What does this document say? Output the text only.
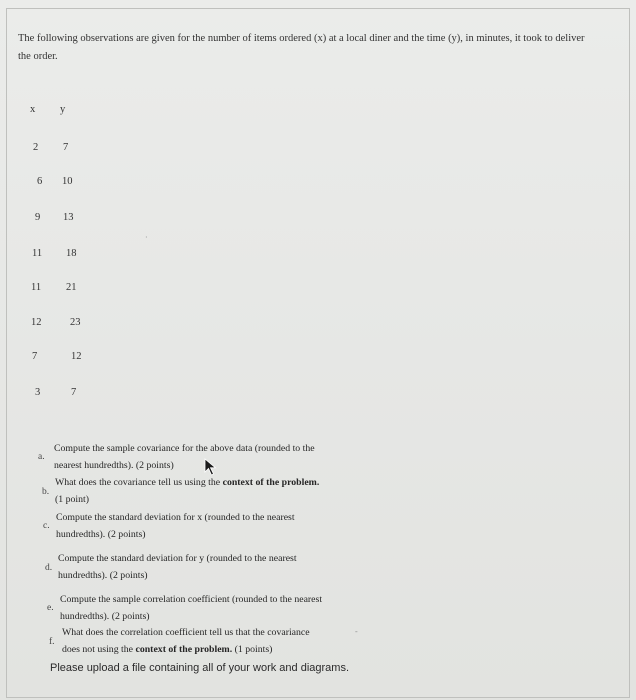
The following observations are given for the number of items ordered (x) at a local diner and the time (y), in minutes, it took to deliver the order.
x y
2 7
6 10
9 13
11 18
11 21
12	23
7	12
3	7
a.
Compute the sample covariance for the above data (rounded to the
nearest hundredths). (2 points)
b.
What does the covariance tell us using the context of the problem.
(1 point)
c.
Compute the standard deviation for x (rounded to the nearest
hundredths). (2 points)
d.
Compute the standard deviation for y (rounded to the nearest
hundredths). (2 points)
e.
Compute the sample correlation coefficient (rounded to the nearest
hundredths). (2 points)
f.
What does the correlation coefficient tell us that the covariance
does not using the context of the problem. (1 points)
Please upload a file containing all of your work and diagrams.
·
-
